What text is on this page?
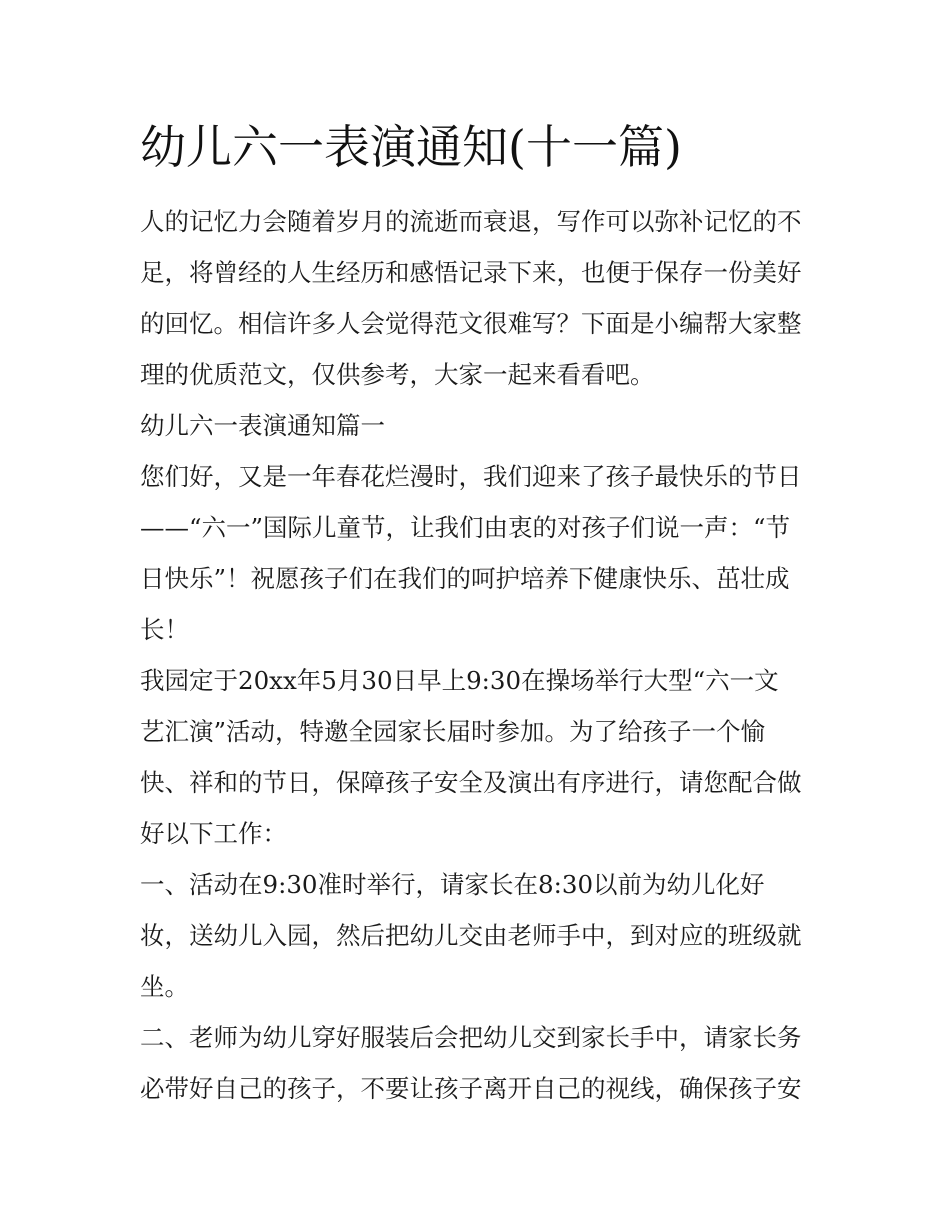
幼儿六一表演通知(十一篇)

人的记忆力会随着岁月的流逝而衰退，写作可以弥补记忆的不

足，将曾经的人生经历和感悟记录下来，也便于保存一份美好

的回忆。相信许多人会觉得范文很难写？下面是小编帮大家整

理的优质范文，仅供参考，大家一起来看看吧。

幼儿六一表演通知篇一

您们好，又是一年春花烂漫时，我们迎来了孩子最快乐的节日

——“六一”国际儿童节，让我们由衷的对孩子们说一声：“节

日快乐”！祝愿孩子们在我们的呵护培养下健康快乐、茁壮成

长！

我园定于20xx年5月30日早上9:30在操场举行大型“六一文

艺汇演”活动，特邀全园家长届时参加。为了给孩子一个愉

快、祥和的节日，保障孩子安全及演出有序进行，请您配合做

好以下工作：

一、活动在9:30准时举行，请家长在8:30以前为幼儿化好

妆，送幼儿入园，然后把幼儿交由老师手中，到对应的班级就

坐。

二、老师为幼儿穿好服装后会把幼儿交到家长手中，请家长务

必带好自己的孩子，不要让孩子离开自己的视线，确保孩子安
